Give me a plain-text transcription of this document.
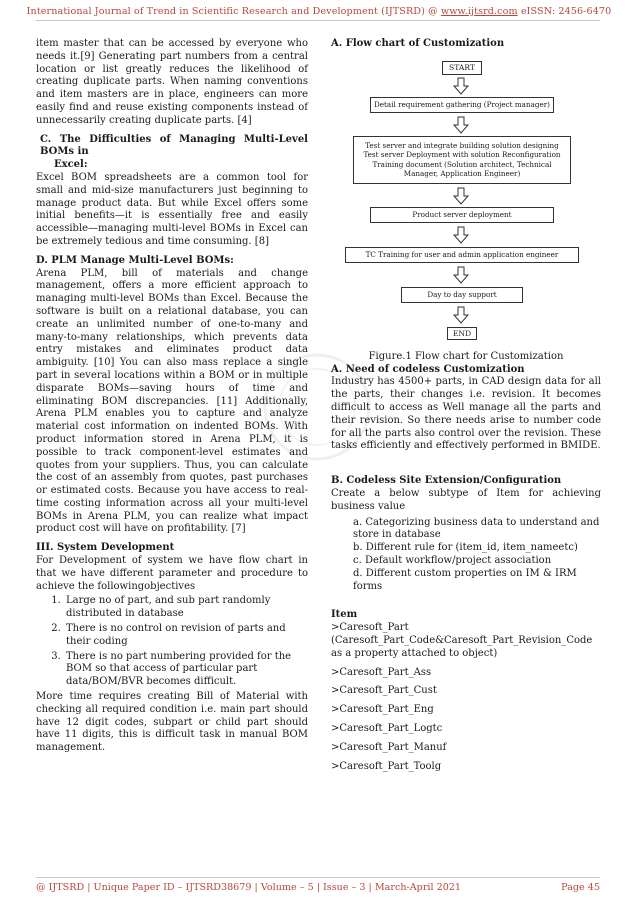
International Journal of Trend in Scientific Research and Development (IJTSRD) @ www.ijtsrd.com eISSN: 2456-6470

item master that can be accessed by everyone who needs it.[9] Generating part numbers from a central location or list greatly reduces the likelihood of creating duplicate parts. When naming conventions and item masters are in place, engineers can more easily find and reuse existing components instead of unnecessarily creating duplicate parts. [4]

C. The Difficulties of Managing Multi-Level BOMs in
Excel:

Excel BOM spreadsheets are a common tool for small and mid-size manufacturers just beginning to manage product data. But while Excel offers some initial benefits—it is essentially free and easily accessible—managing multi-level BOMs in Excel can be extremely tedious and time consuming. [8]

D. PLM Manage Multi-Level BOMs:

Arena PLM, bill of materials and change management, offers a more efficient approach to managing multi-level BOMs than Excel. Because the software is built on a relational database, you can create an unlimited number of one-to-many and many-to-many relationships, which prevents data entry mistakes and eliminates product data ambiguity. [10] You can also mass replace a single part in several locations within a BOM or in multiple disparate BOMs—saving hours of time and eliminating BOM discrepancies. [11] Additionally, Arena PLM enables you to capture and analyze material cost information on indented BOMs. With product information stored in Arena PLM, it is possible to track component-level estimates and quotes from your suppliers. Thus, you can calculate the cost of an assembly from quotes, past purchases or estimated costs. Because you have access to real-time costing information across all your multi-level BOMs in Arena PLM, you can realize what impact product cost will have on profitability. [7]

III. System Development

For Development of system we have flow chart in that we have different parameter and procedure to achieve the followingobjectives

1. Large no of part, and sub part randomly distributed in database
2. There is no control on revision of parts and their coding
3. There is no part numbering provided for the BOM so that access of particular part data/BOM/BVR becomes difficult.

More time requires creating Bill of Material with checking all required condition i.e. main part should have 12 digit codes, subpart or child part should have 11 digits, this is difficult task in manual BOM management.

A. Flow chart of Customization

START
Detail requirement gathering (Project manager)
Test server and integrate building solution designing Test server Deployment with solution Reconfiguration Training document (Solution architect, Technical Manager, Application Engineer)
Product server deployment
TC Training for user and admin application engineer
Day to day support
END

Figure.1 Flow chart for Customization

A. Need of codeless Customization

Industry has 4500+ parts, in CAD design data for all the parts, their changes i.e. revision. It becomes difficult to access as Well manage all the parts and their revision. So there needs arise to number code for all the parts also control over the revision. These tasks efficiently and effectively performed in BMIDE.

B. Codeless Site Extension/Configuration

Create a below subtype of Item for achieving business value

a. Categorizing business data to understand and store in database
b. Different rule for (item_id, item_nameetc)
c. Default workflow/project association
d. Different custom properties on IM & IRM forms

Item

>Caresoft_Part

(Caresoft_Part_Code&Caresoft_Part_Revision_Code as a property attached to object)

>Caresoft_Part_Ass

>Caresoft_Part_Cust

>Caresoft_Part_Eng

>Caresoft_Part_Logtc

>Caresoft_Part_Manuf

>Caresoft_Part_Toolg

@ IJTSRD | Unique Paper ID – IJTSRD38679 | Volume – 5 | Issue – 3 | March-April 2021	Page 45
